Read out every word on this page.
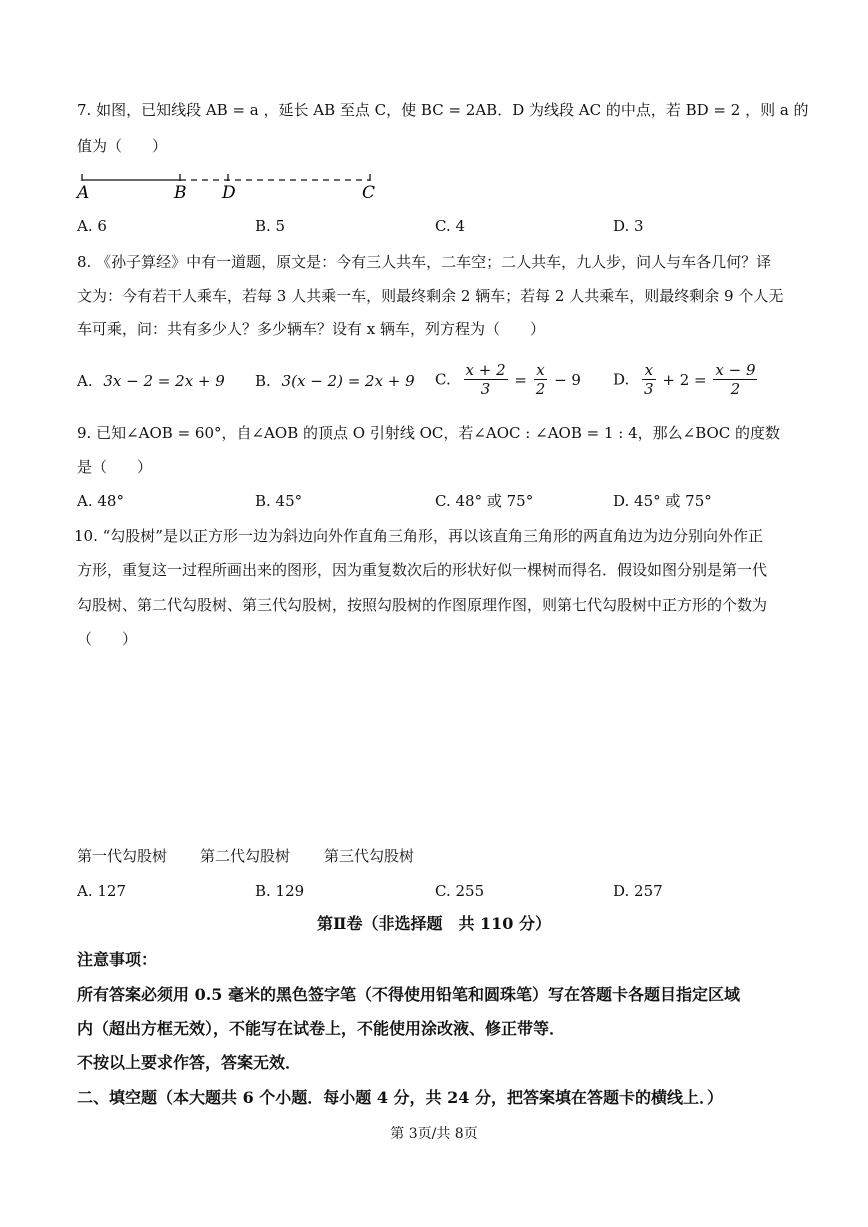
7. 如图，已知线段 AB = a ，延长 AB 至点 C，使 BC = 2AB．D 为线段 AC 的中点，若 BD = 2 ，则 a 的
值为（　　）
A	B D	C
A. 6	B. 5	C. 4	D. 3
8. 《孙子算经》中有一道题，原文是：今有三人共车，二车空；二人共车，九人步，问人与车各几何？译
文为：今有若干人乘车，若每 3 人共乘一车，则最终剩余 2 辆车；若每 2 人共乘车，则最终剩余 9 个人无
车可乘，问：共有多少人？多少辆车？设有 x 辆车，列方程为（　　）
A. 3x − 2 = 2x + 9 B. 3(x − 2) = 2x + 9 C. $\frac{x + 2}{3} = \frac{x}{2} - 9$ D. $\frac{x}{3} + 2 = \frac{x - 9}{2}$
9. 已知∠AOB = 60°，自∠AOB 的顶点 O 引射线 OC，若∠AOC : ∠AOB = 1 : 4，那么∠BOC 的度数
是（　　）
A. 48°	B. 45°	C. 48° 或 75°	D. 45° 或 75°
10. “勾股树”是以正方形一边为斜边向外作直角三角形，再以该直角三角形的两直角边为边分别向外作正
方形，重复这一过程所画出来的图形，因为重复数次后的形状好似一棵树而得名．假设如图分别是第一代
勾股树、第二代勾股树、第三代勾股树，按照勾股树的作图原理作图，则第七代勾股树中正方形的个数为
（　　）
第一代勾股树 第二代勾股树 第三代勾股树
A. 127	B. 129	C. 255	D. 257
第Ⅱ卷（非选择题　共 110 分）
注意事项：
所有答案必须用 0.5 毫米的黑色签字笔（不得使用铅笔和圆珠笔）写在答题卡各题目指定区域
内（超出方框无效），不能写在试卷上，不能使用涂改液、修正带等．
不按以上要求作答，答案无效．
二、填空题（本大题共 6 个小题．每小题 4 分，共 24 分，把答案填在答题卡的横线上．）
第 3页/共 8页
